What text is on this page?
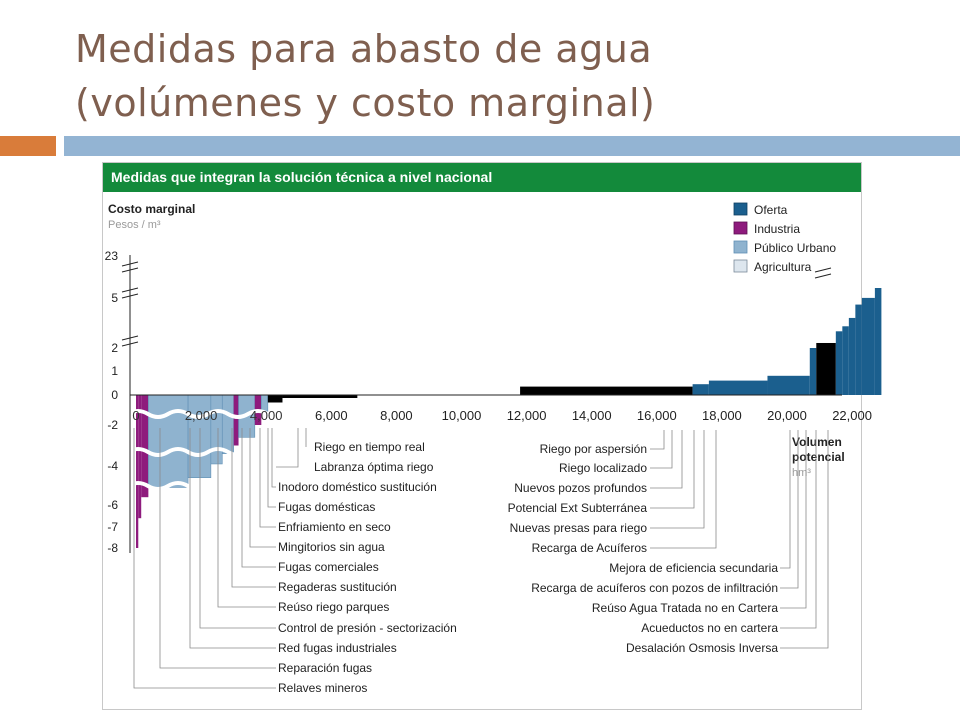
Medidas para abasto de agua
(volúmenes y costo marginal)
Medidas que integran la solución técnica a nivel nacional
23
5
2
1
0
-2
-4
-6
-7
-8
0	2,000	4,000	6,000	8,000 10,000 12,000 14,000 16,000 18,000 20,000 22,000
Costo marginal
Pesos / m³
Volumen
potencial
hm³
Oferta
Industria
Público Urbano
Agricultura
Riego en tiempo real
Labranza óptima riego
Inodoro doméstico sustitución
Fugas domésticas
Enfriamiento en seco
Mingitorios sin agua
Fugas comerciales
Regaderas sustitución
Reúso riego parques
Control de presión - sectorización
Red fugas industriales
Reparación fugas
Relaves mineros
Riego por aspersión
Riego localizado
Nuevos pozos profundos
Potencial Ext Subterránea
Nuevas presas para riego
Recarga de Acuíferos
Mejora de eficiencia secundaria
Recarga de acuíferos con pozos de infiltración
Reúso Agua Tratada no en Cartera
Acueductos no en cartera
Desalación Osmosis Inversa
